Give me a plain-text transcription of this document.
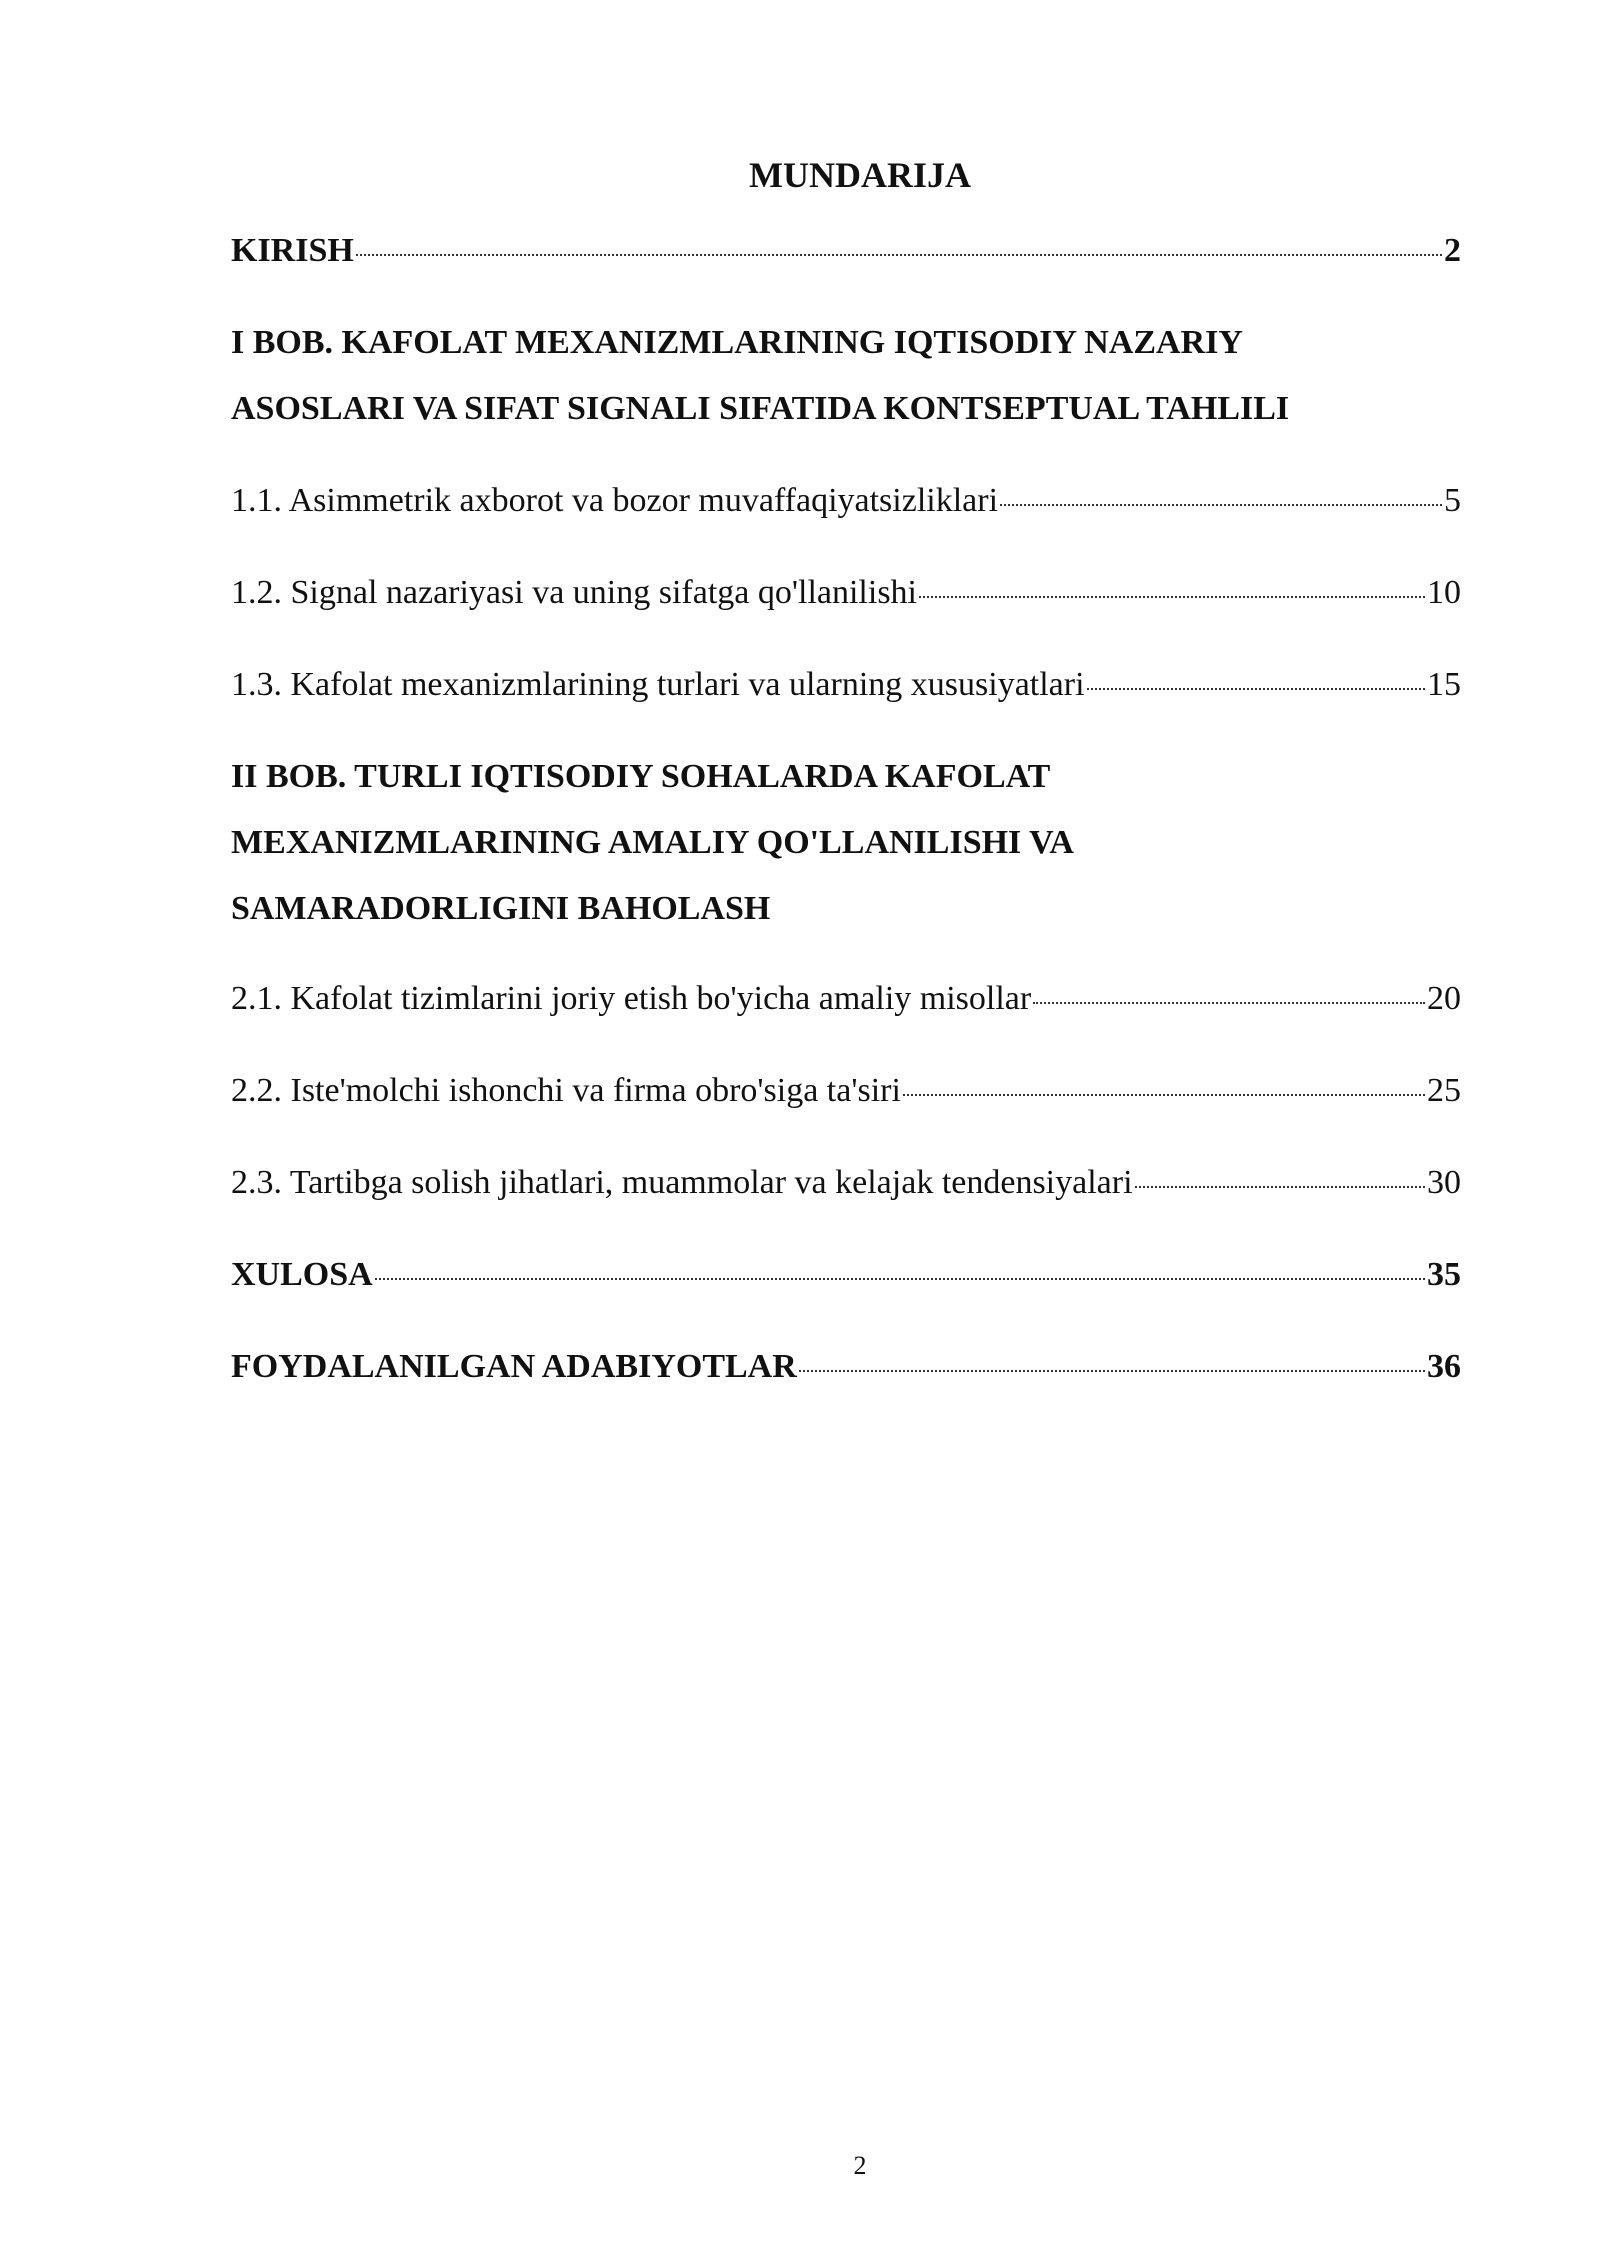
MUNDARIJA
KIRISH	2
I BOB. KAFOLAT MEXANIZMLARINING IQTISODIY NAZARIY
ASOSLARI VA SIFAT SIGNALI SIFATIDA KONTSEPTUAL TAHLILI
1.1. Asimmetrik axborot va bozor muvaffaqiyatsizliklari	5
1.2. Signal nazariyasi va uning sifatga qo'llanilishi	10
1.3. Kafolat mexanizmlarining turlari va ularning xususiyatlari	15
II BOB. TURLI IQTISODIY SOHALARDA KAFOLAT
MEXANIZMLARINING AMALIY QO'LLANILISHI VA
SAMARADORLIGINI BAHOLASH
2.1. Kafolat tizimlarini joriy etish bo'yicha amaliy misollar	20
2.2. Iste'molchi ishonchi va firma obro'siga ta'siri	25
2.3. Tartibga solish jihatlari, muammolar va kelajak tendensiyalari	30
XULOSA	35
FOYDALANILGAN ADABIYOTLAR	36
2
